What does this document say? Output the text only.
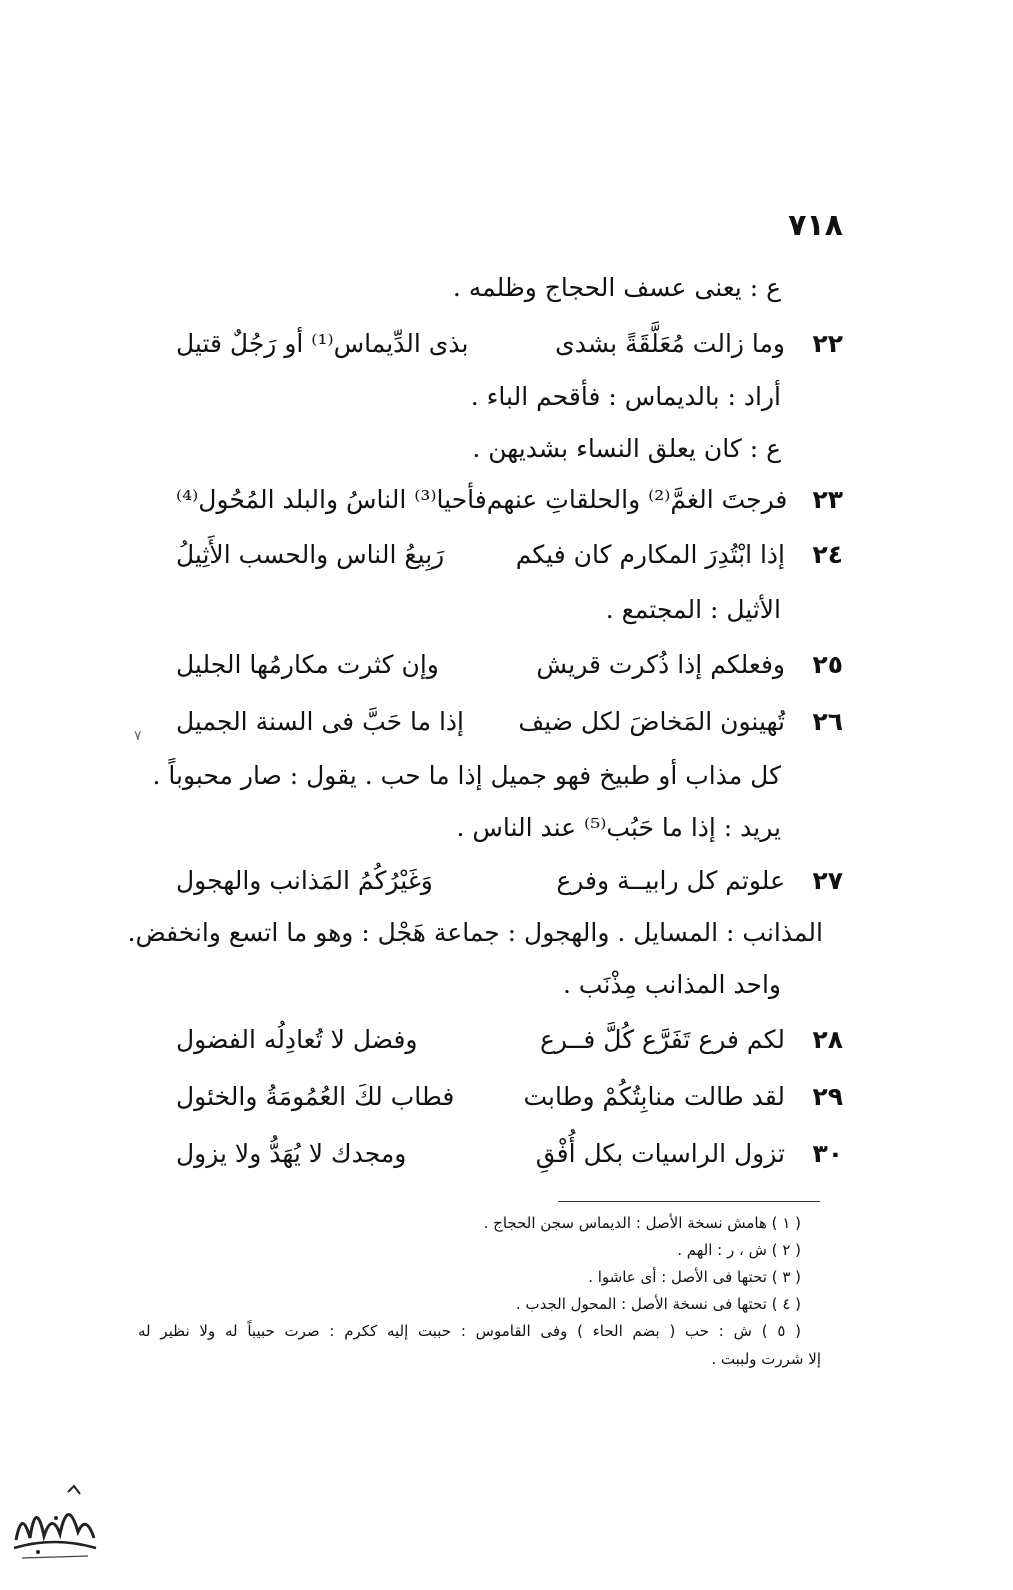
٧١٨
ع : يعنى عسف الحجاج وظلمه .
٢٢
وما زالت مُعَلَّقَةً بشدى
بذى الدِّيماس⁽¹⁾ أو رَجُلٌ قتيل
أراد : بالديماس : فأقحم الباء .
ع : كان يعلق النساء بشديهن .
٢٣
فرجتَ الغمَّ⁽²⁾ والحلقاتِ عنهم
فأحيا⁽³⁾ الناسُ والبلد المُحُول⁽⁴⁾
٢٤
إذا ابْتُدِرَ المكارم كان فيكم
رَبِيعُ الناس والحسب الأَثِيلُ
الأثيل : المجتمع .
٢٥
وفعلكم إذا ذُكرت قريش
وإن كثرت مكارمُها الجليل
٢٦
تُهينون المَخاضَ لكل ضيف
إذا ما حَبَّ فى السنة الجميل
٧
كل مذاب أو طبيخ فهو جميل إذا ما حب . يقول : صار محبوباً .
يريد : إذا ما حَبُب⁽⁵⁾ عند الناس .
٢٧
علوتم كل رابيــة وفرع
وَغَيْرُكُمُ المَذانب والهجول
المذانب : المسايل . والهجول : جماعة هَجْل : وهو ما اتسع وانخفض.
واحد المذانب مِذْنَب .
٢٨
لكم فرع تَفَرَّع كُلَّ فــرع
وفضل لا تُعادِلُه الفضول
٢٩
لقد طالت منابِتُكُمْ وطابت
فطاب لكَ العُمُومَةُ والخئول
٣٠
تزول الراسيات بكل أُفْقِ
ومجدك لا يُهَدُّ ولا يزول
( ١ ) هامش نسخة الأصل : الديماس سجن الحجاج .
( ٢ ) ش ، ر : الهم .
( ٣ ) تحتها فى الأصل : أى عاشوا .
( ٤ ) تحتها فى نسخة الأصل : المحول الجدب .
( ٥ ) ش : حب ( بضم الحاء ) وفى القاموس : حببت إليه ككرم : صرت حبيباً له ولا نظير له
إلا شررت ولببت .
